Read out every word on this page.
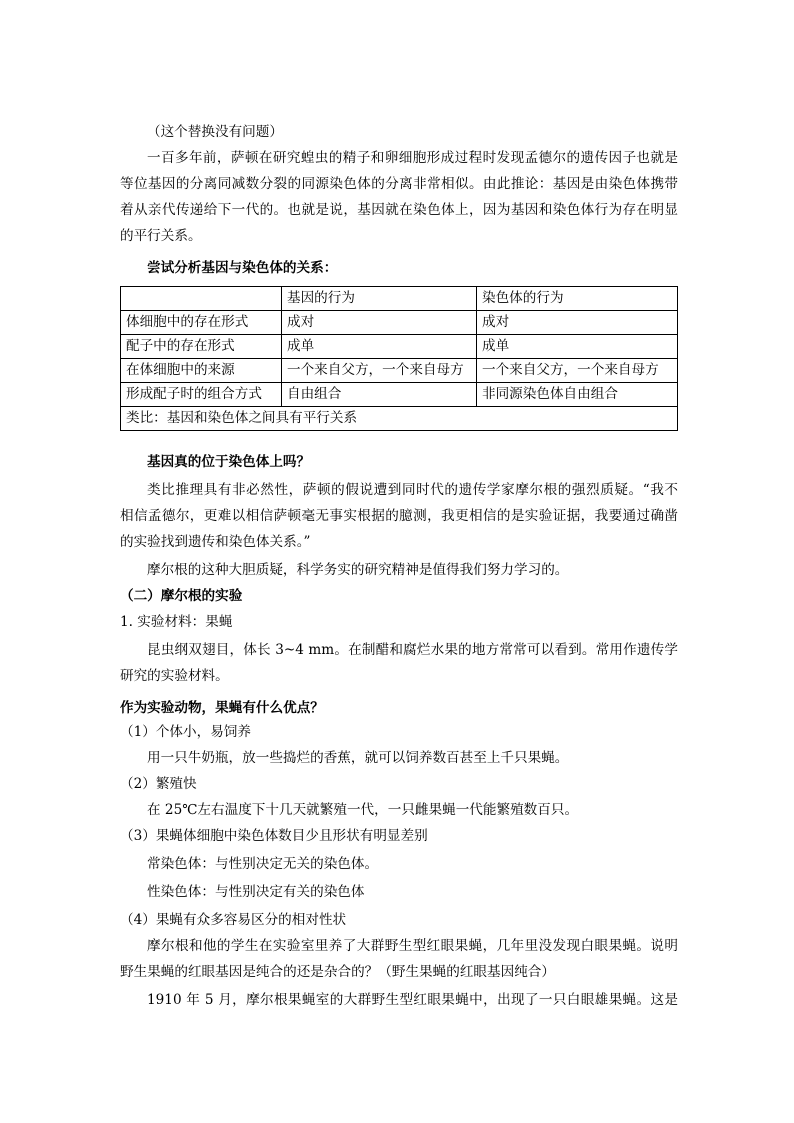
（这个替换没有问题）
一百多年前，萨顿在研究蝗虫的精子和卵细胞形成过程时发现孟德尔的遗传因子也就是
等位基因的分离同减数分裂的同源染色体的分离非常相似。由此推论：基因是由染色体携带
着从亲代传递给下一代的。也就是说，基因就在染色体上，因为基因和染色体行为存在明显
的平行关系。
尝试分析基因与染色体的关系：
	基因的行为	染色体的行为
体细胞中的存在形式	成对	成对
配子中的存在形式	成单	成单
在体细胞中的来源	一个来自父方，一个来自母方	一个来自父方，一个来自母方
形成配子时的组合方式	自由组合	非同源染色体自由组合
类比：基因和染色体之间具有平行关系		
基因真的位于染色体上吗？
类比推理具有非必然性，萨顿的假说遭到同时代的遗传学家摩尔根的强烈质疑。“我不
相信孟德尔，更难以相信萨顿毫无事实根据的臆测，我更相信的是实验证据，我要通过确凿
的实验找到遗传和染色体关系。”
摩尔根的这种大胆质疑，科学务实的研究精神是值得我们努力学习的。
（二）摩尔根的实验
1. 实验材料：果蝇
昆虫纲双翅目，体长 3~4 mm。在制醋和腐烂水果的地方常常可以看到。常用作遗传学
研究的实验材料。
作为实验动物，果蝇有什么优点？
（1）个体小，易饲养
用一只牛奶瓶，放一些捣烂的香蕉，就可以饲养数百甚至上千只果蝇。
（2）繁殖快
在 25℃左右温度下十几天就繁殖一代，一只雌果蝇一代能繁殖数百只。
（3）果蝇体细胞中染色体数目少且形状有明显差别
常染色体：与性别决定无关的染色体。
性染色体：与性别决定有关的染色体
（4）果蝇有众多容易区分的相对性状
摩尔根和他的学生在实验室里养了大群野生型红眼果蝇，几年里没发现白眼果蝇。说明
野生果蝇的红眼基因是纯合的还是杂合的？（野生果蝇的红眼基因纯合）
1910 年 5 月，摩尔根果蝇室的大群野生型红眼果蝇中，出现了一只白眼雄果蝇。这是
